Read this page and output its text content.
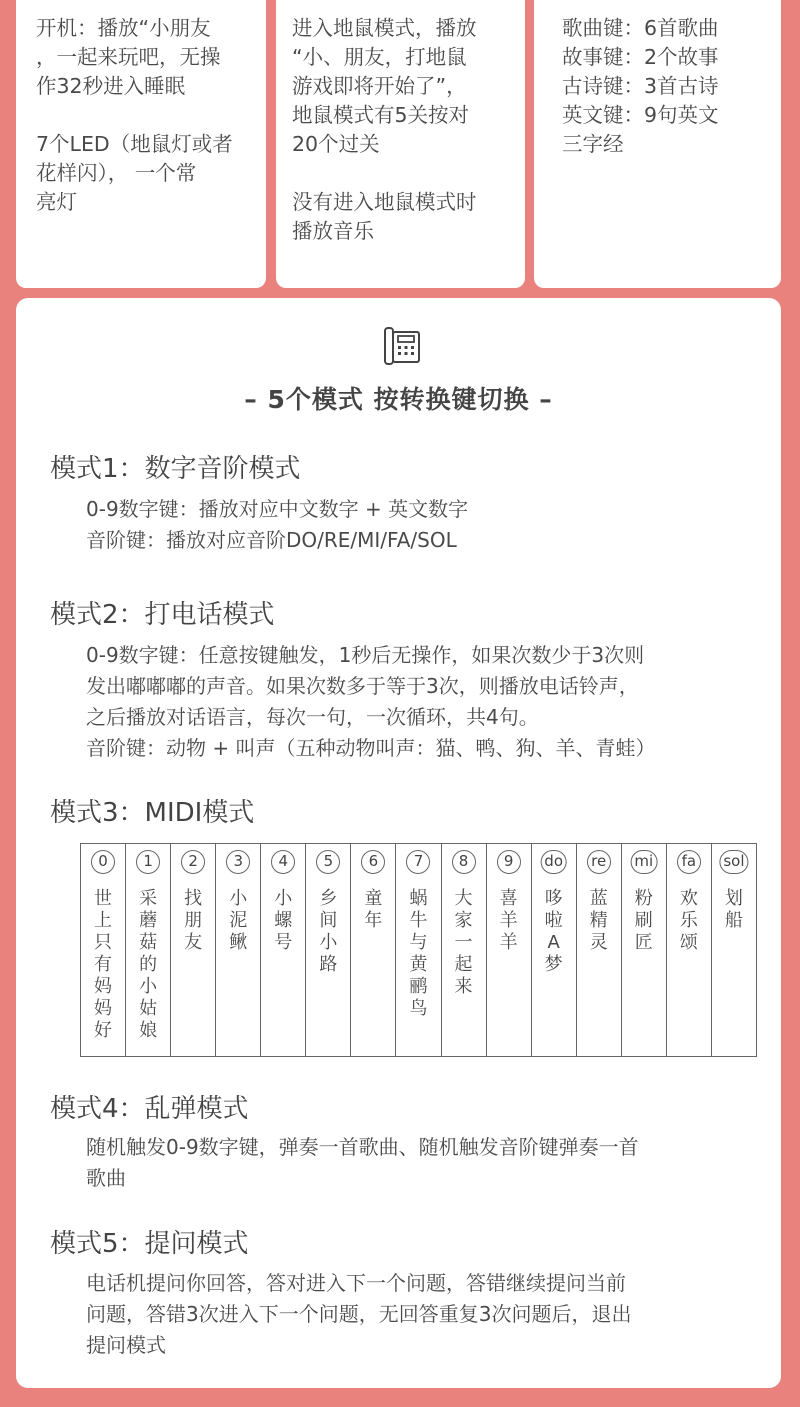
开机：播放“小朋友
，一起来玩吧，无操
作32秒进入睡眠

7个LED（地鼠灯或者
花样闪）， 一个常
亮灯

进入地鼠模式，播放
“小、朋友，打地鼠
游戏即将开始了”，
地鼠模式有5关按对
20个过关

没有进入地鼠模式时
播放音乐

歌曲键：6首歌曲
故事键：2个故事
古诗键：3首古诗
英文键：9句英文
三字经

– 5个模式 按转换键切换 –
模式1：数字音阶模式
0-9数字键：播放对应中文数字 + 英文数字
音阶键：播放对应音阶DO/RE/MI/FA/SOL
模式2：打电话模式
0-9数字键：任意按键触发，1秒后无操作，如果次数少于3次则
发出嘟嘟嘟的声音。如果次数多于等于3次，则播放电话铃声，
之后播放对话语言，每次一句，一次循环，共4句。
音阶键：动物 + 叫声（五种动物叫声：猫、鸭、狗、羊、青蛙）
模式3：MIDI模式
0
世
上
只
有
妈
妈
好
1
采
蘑
菇
的
小
姑
娘
2
找
朋
友
3
小
泥
鳅
4
小
螺
号
5
乡
间
小
路
6
童
年
7
蜗
牛
与
黄
鹂
鸟
8
大
家
一
起
来
9
喜
羊
羊
do
哆
啦
A
梦
re
蓝
精
灵
mi
粉
刷
匠
fa
欢
乐
颂
sol
划
船
模式4：乱弹模式
随机触发0-9数字键，弹奏一首歌曲、随机触发音阶键弹奏一首
歌曲
模式5：提问模式
电话机提问你回答，答对进入下一个问题，答错继续提问当前
问题，答错3次进入下一个问题，无回答重复3次问题后，退出
提问模式
